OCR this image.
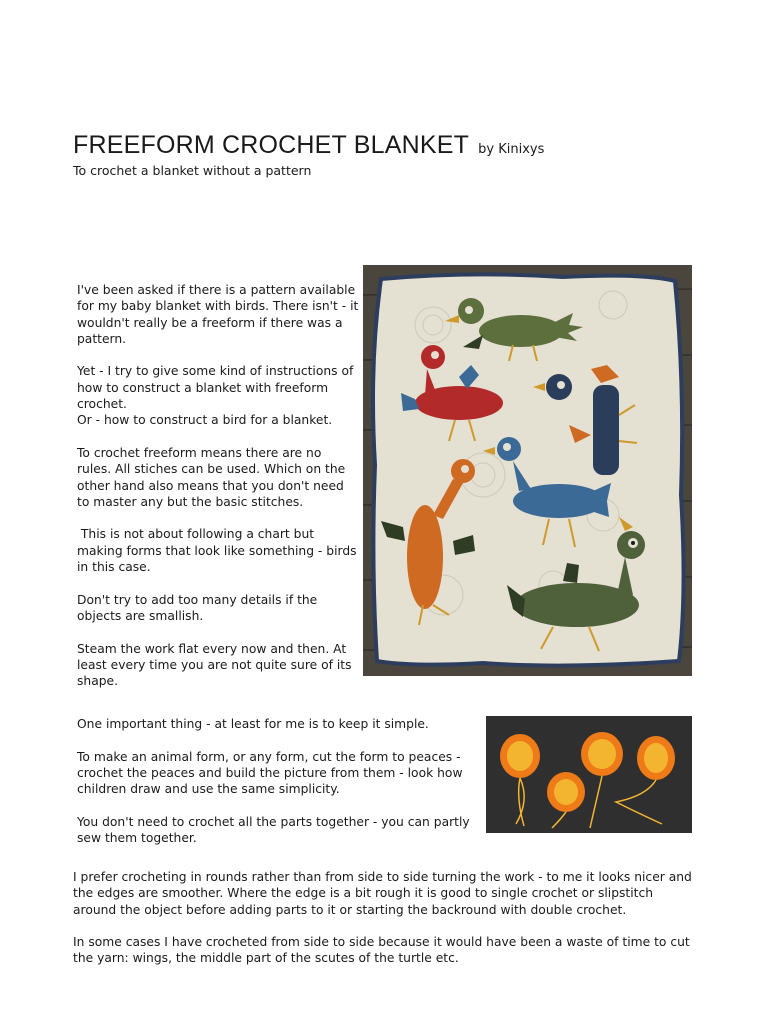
FREEFORM CROCHET BLANKET by Kinixys
To crochet a blanket without a pattern

I've been asked if there is a pattern available for my baby blanket with birds. There isn't - it wouldn't really be a freeform if there was a pattern.

Yet - I try to give some kind of instructions of how to construct a blanket with freeform crochet.
Or - how to construct a bird for a blanket.

To crochet freeform means there are no rules. All stiches can be used. Which on the other hand also means that you don't need to master any but the basic stitches.

This is not about following a chart but making forms that look like something - birds in this case.

Don't try to add too many details if the objects are smallish.

Steam the work flat every now and then. At least every time you are not quite sure of its shape.

One important thing - at least for me is to keep it simple.

To make an animal form, or any form, cut the form to peaces - crochet the peaces and build the picture from them - look how children draw and use the same simplicity.

You don't need to crochet all the parts together - you can partly sew them together.

I prefer crocheting in rounds rather than from side to side turning the work - to me it looks nicer and the edges are smoother. Where the edge is a bit rough it is good to single crochet or slipstitch around the object before adding parts to it or starting the backround with double crochet.

In some cases I have crocheted from side to side because it would have been a waste of time to cut the yarn: wings, the middle part of the scutes of the turtle etc.
